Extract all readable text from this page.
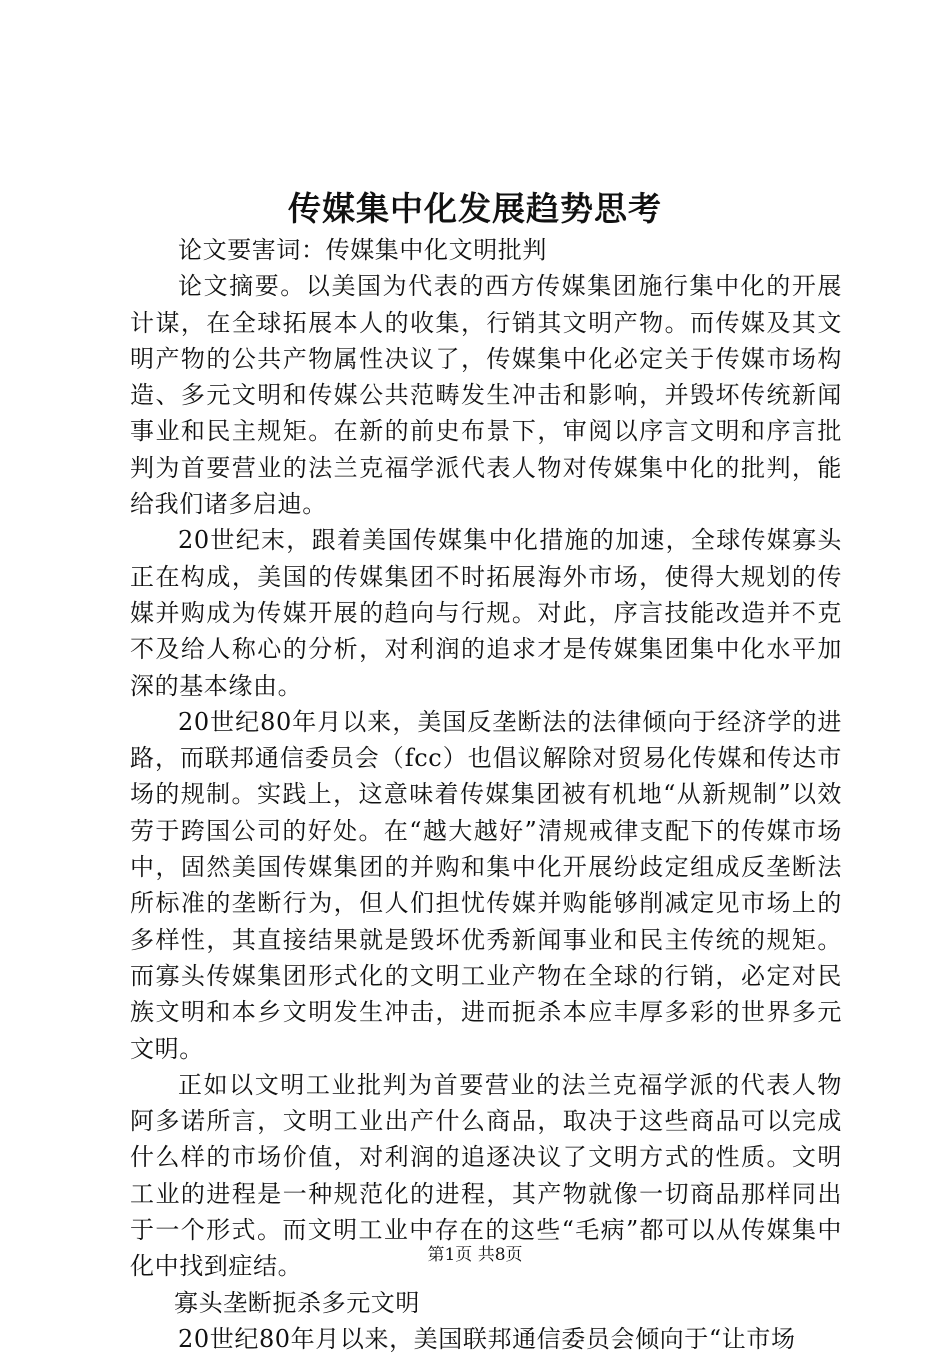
传媒集中化发展趋势思考

论文要害词：传媒集中化文明批判

论文摘要。以美国为代表的西方传媒集团施行集中化的开展计谋，在全球拓展本人的收集，行销其文明产物。而传媒及其文明产物的公共产物属性决议了，传媒集中化必定关于传媒市场构造、多元文明和传媒公共范畴发生冲击和影响，并毁坏传统新闻事业和民主规矩。在新的前史布景下，审阅以序言文明和序言批判为首要营业的法兰克福学派代表人物对传媒集中化的批判，能给我们诸多启迪。

20世纪末，跟着美国传媒集中化措施的加速，全球传媒寡头正在构成，美国的传媒集团不时拓展海外市场，使得大规划的传媒并购成为传媒开展的趋向与行规。对此，序言技能改造并不克不及给人称心的分析，对利润的追求才是传媒集团集中化水平加深的基本缘由。

20世纪80年月以来，美国反垄断法的法律倾向于经济学的进路，而联邦通信委员会（fcc）也倡议解除对贸易化传媒和传达市场的规制。实践上，这意味着传媒集团被有机地“从新规制”以效劳于跨国公司的好处。在“越大越好”清规戒律支配下的传媒市场中，固然美国传媒集团的并购和集中化开展纷歧定组成反垄断法所标准的垄断行为，但人们担忧传媒并购能够削减定见市场上的多样性，其直接结果就是毁坏优秀新闻事业和民主传统的规矩。而寡头传媒集团形式化的文明工业产物在全球的行销，必定对民族文明和本乡文明发生冲击，进而扼杀本应丰厚多彩的世界多元文明。

正如以文明工业批判为首要营业的法兰克福学派的代表人物阿多诺所言，文明工业出产什么商品，取决于这些商品可以完成什么样的市场价值，对利润的追逐决议了文明方式的性质。文明工业的进程是一种规范化的进程，其产物就像一切商品那样同出于一个形式。而文明工业中存在的这些“毛病”都可以从传媒集中化中找到症结。

寡头垄断扼杀多元文明

20世纪80年月以来，美国联邦通信委员会倾向于“让市场

第1页 共8页
